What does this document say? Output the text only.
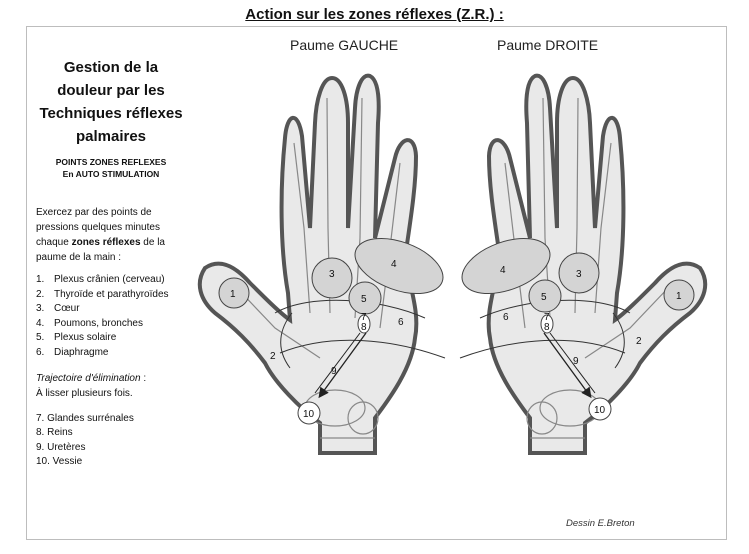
Action sur les zones réflexes (Z.R.) :
Gestion de la
douleur par les
Techniques réflexes
palmaires
POINTS ZONES REFLEXES
En AUTO STIMULATION
Exercez par des points de pressions quelques minutes chaque zones réflexes de la paume de la main :
1. Plexus crânien (cerveau)
2. Thyroïde et parathyroïdes
3. Cœur
4. Poumons, bronches
5. Plexus solaire
6. Diaphragme
Trajectoire d'élimination :
À lisser plusieurs fois.
7. Glandes surrénales
8. Reins
9. Uretères
10. Vessie
Paume GAUCHE
1
2
3
4
5
6
7
8
9
10
Paume DROITE
1
2
3
4
5
6	7
8
9
10
Dessin E.Breton
